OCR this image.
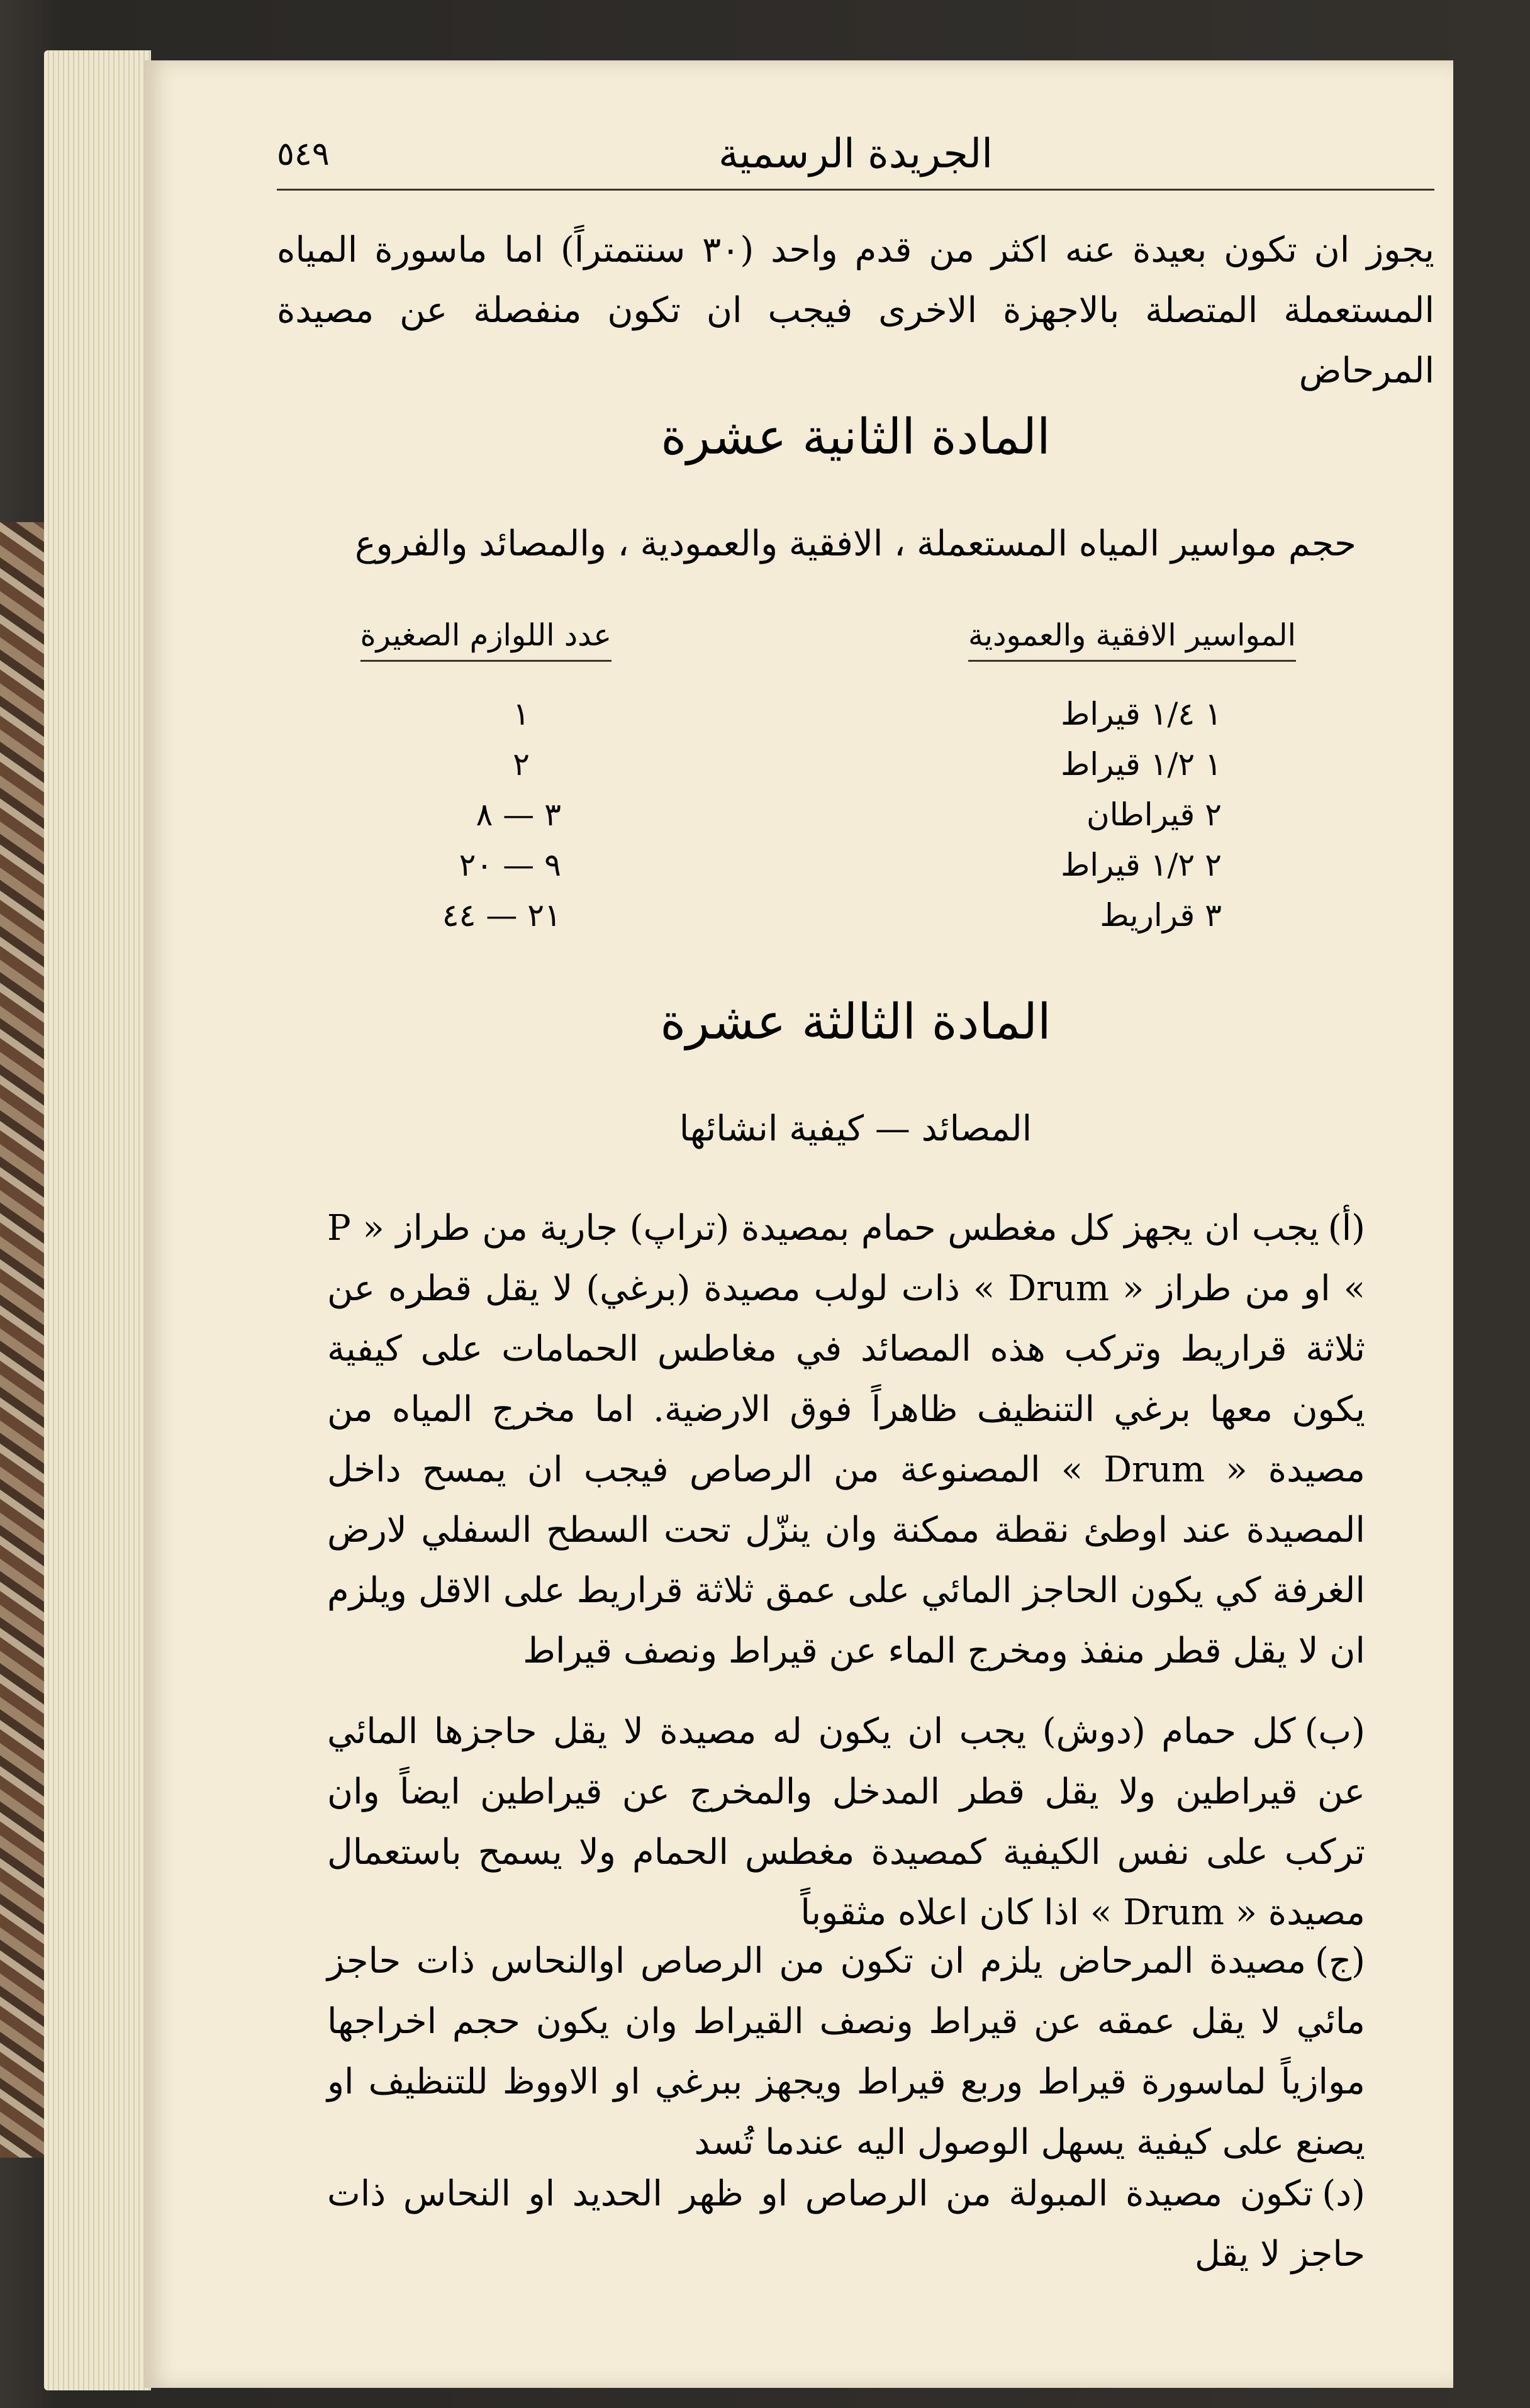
الجريدة الرسمية
٥٤٩
يجوز ان تكون بعيدة عنه اكثر من قدم واحد (٣٠ سنتمتراً) اما ماسورة المياه المستعملة المتصلة بالاجهزة الاخرى فيجب ان تكون منفصلة عن مصيدة المرحاض
المادة الثانية عشرة
حجم مواسير المياه المستعملة ، الافقية والعمودية ، والمصائد والفروع
المواسير الافقية والعمودية
عدد اللوازم الصغيرة
١ ١/٤ قيراط
١
١ ١/٢ قيراط
٢
٢ قيراطان
٣ — ٨
٢ ١/٢ قيراط
٩ — ٢٠
٣ قراريط
٢١ — ٤٤
المادة الثالثة عشرة
المصائد — كيفية انشائها
(أ)يجب ان يجهز كل مغطس حمام بمصيدة (تراپ) جارية من طراز « P » او من طراز « Drum » ذات لولب مصيدة (برغي) لا يقل قطره عن ثلاثة قراريط وتركب هذه المصائد في مغاطس الحمامات على كيفية يكون معها برغي التنظيف ظاهراً فوق الارضية. اما مخرج المياه من مصيدة « Drum » المصنوعة من الرصاص فيجب ان يمسح داخل المصيدة عند اوطئ نقطة ممكنة وان ينزّل تحت السطح السفلي لارض الغرفة كي يكون الحاجز المائي على عمق ثلاثة قراريط على الاقل ويلزم ان لا يقل قطر منفذ ومخرج الماء عن قيراط ونصف قيراط
(ب)كل حمام (دوش) يجب ان يكون له مصيدة لا يقل حاجزها المائي عن قيراطين ولا يقل قطر المدخل والمخرج عن قيراطين ايضاً وان تركب على نفس الكيفية كمصيدة مغطس الحمام ولا يسمح باستعمال مصيدة « Drum » اذا كان اعلاه مثقوباً
(ج)مصيدة المرحاض يلزم ان تكون من الرصاص اوالنحاس ذات حاجز مائي لا يقل عمقه عن قيراط ونصف القيراط وان يكون حجم اخراجها موازياً لماسورة قيراط وربع قيراط ويجهز ببرغي او الاووظ للتنظيف او يصنع على كيفية يسهل الوصول اليه عندما تُسد
(د)تكون مصيدة المبولة من الرصاص او ظهر الحديد او النحاس ذات حاجز لا يقل
